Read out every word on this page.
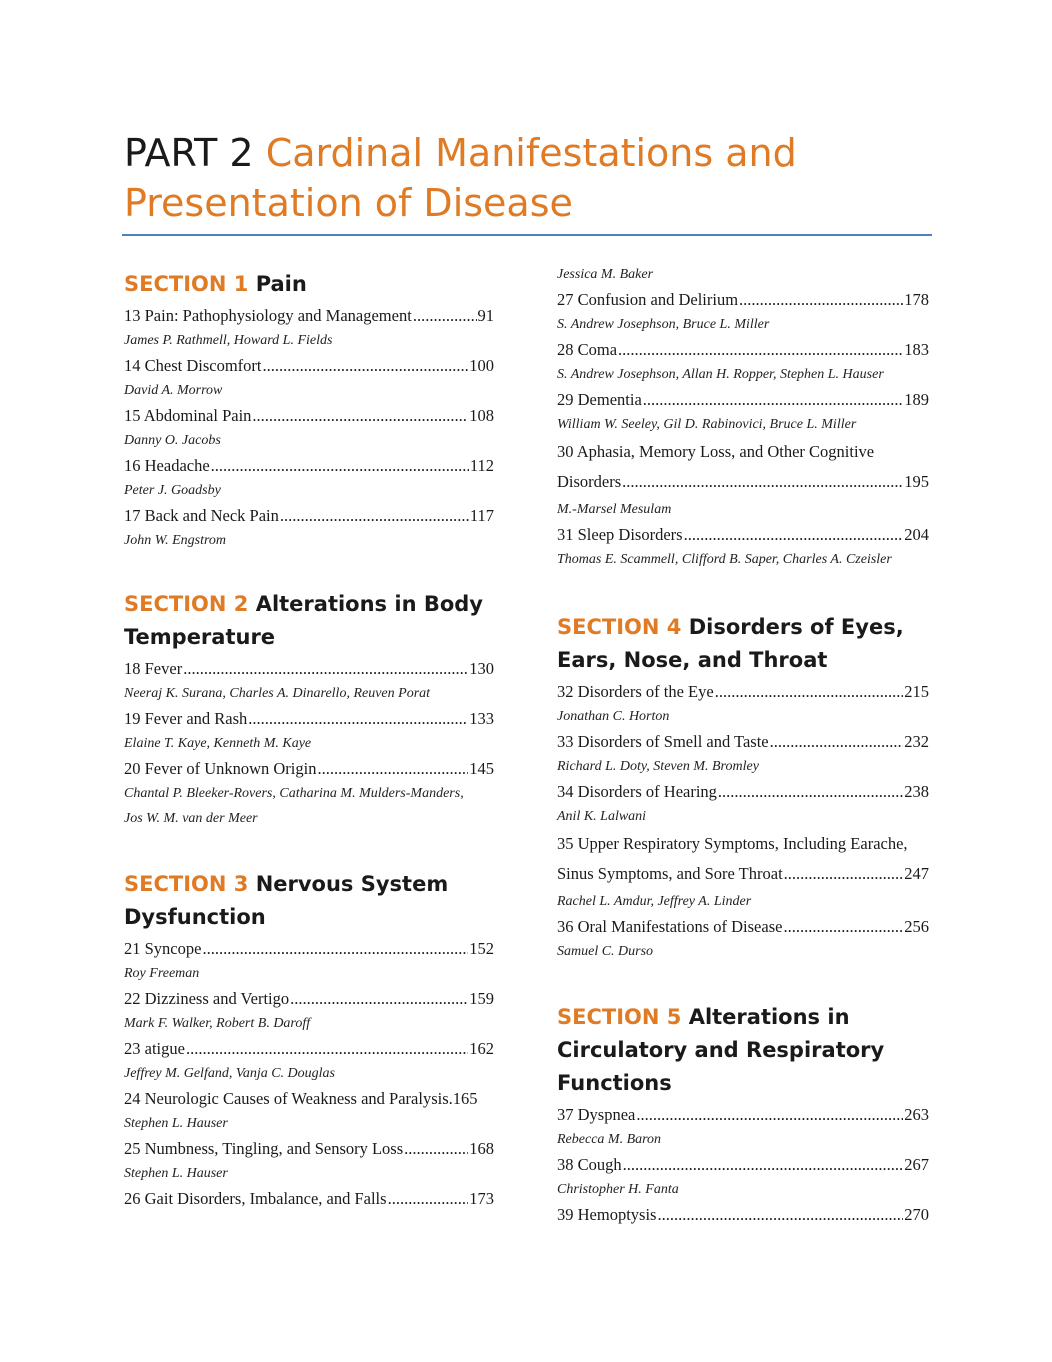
PART 2 Cardinal Manifestations and
Presentation of Disease
SECTION 1 Pain
13 Pain: Pathophysiology and Management .....	91
James P. Rathmell, Howard L. Fields
14 Chest Discomfort .....	100
David A. Morrow
15 Abdominal Pain .....	108
Danny O. Jacobs
16 Headache .....	112
Peter J. Goadsby
17 Back and Neck Pain .....	117
John W. Engstrom
SECTION 2 Alterations in Body
Temperature
18 Fever .....	130
Neeraj K. Surana, Charles A. Dinarello, Reuven Porat
19 Fever and Rash .....	133
Elaine T. Kaye, Kenneth M. Kaye
20 Fever of Unknown Origin .....	145
Chantal P. Bleeker-Rovers, Catharina M. Mulders-Manders,
Jos W. M. van der Meer
SECTION 3 Nervous System
Dysfunction
21 Syncope .....	152
Roy Freeman
22 Dizziness and Vertigo .....	159
Mark F. Walker, Robert B. Daroff
23 atigue .....	162
Jeffrey M. Gelfand, Vanja C. Douglas
24 Neurologic Causes of Weakness and Paralysis. 165
Stephen L. Hauser
25 Numbness, Tingling, and Sensory Loss .....	168
Stephen L. Hauser
26 Gait Disorders, Imbalance, and Falls .....	173
Jessica M. Baker
27 Confusion and Delirium .....	178
S. Andrew Josephson, Bruce L. Miller
28 Coma .....	183
S. Andrew Josephson, Allan H. Ropper, Stephen L. Hauser
29 Dementia .....	189
William W. Seeley, Gil D. Rabinovici, Bruce L. Miller
30 Aphasia, Memory Loss, and Other Cognitive
Disorders .....	195
M.-Marsel Mesulam
31 Sleep Disorders .....	204
Thomas E. Scammell, Clifford B. Saper, Charles A. Czeisler
SECTION 4 Disorders of Eyes,
Ears, Nose, and Throat
32 Disorders of the Eye .....	215
Jonathan C. Horton
33 Disorders of Smell and Taste .....	232
Richard L. Doty, Steven M. Bromley
34 Disorders of Hearing .....	238
Anil K. Lalwani
35 Upper Respiratory Symptoms, Including Earache,
Sinus Symptoms, and Sore Throat .....	247
Rachel L. Amdur, Jeffrey A. Linder
36 Oral Manifestations of Disease .....	256
Samuel C. Durso
SECTION 5 Alterations in
Circulatory and Respiratory
Functions
37 Dyspnea .....	263
Rebecca M. Baron
38 Cough .....	267
Christopher H. Fanta
39 Hemoptysis .....	270
